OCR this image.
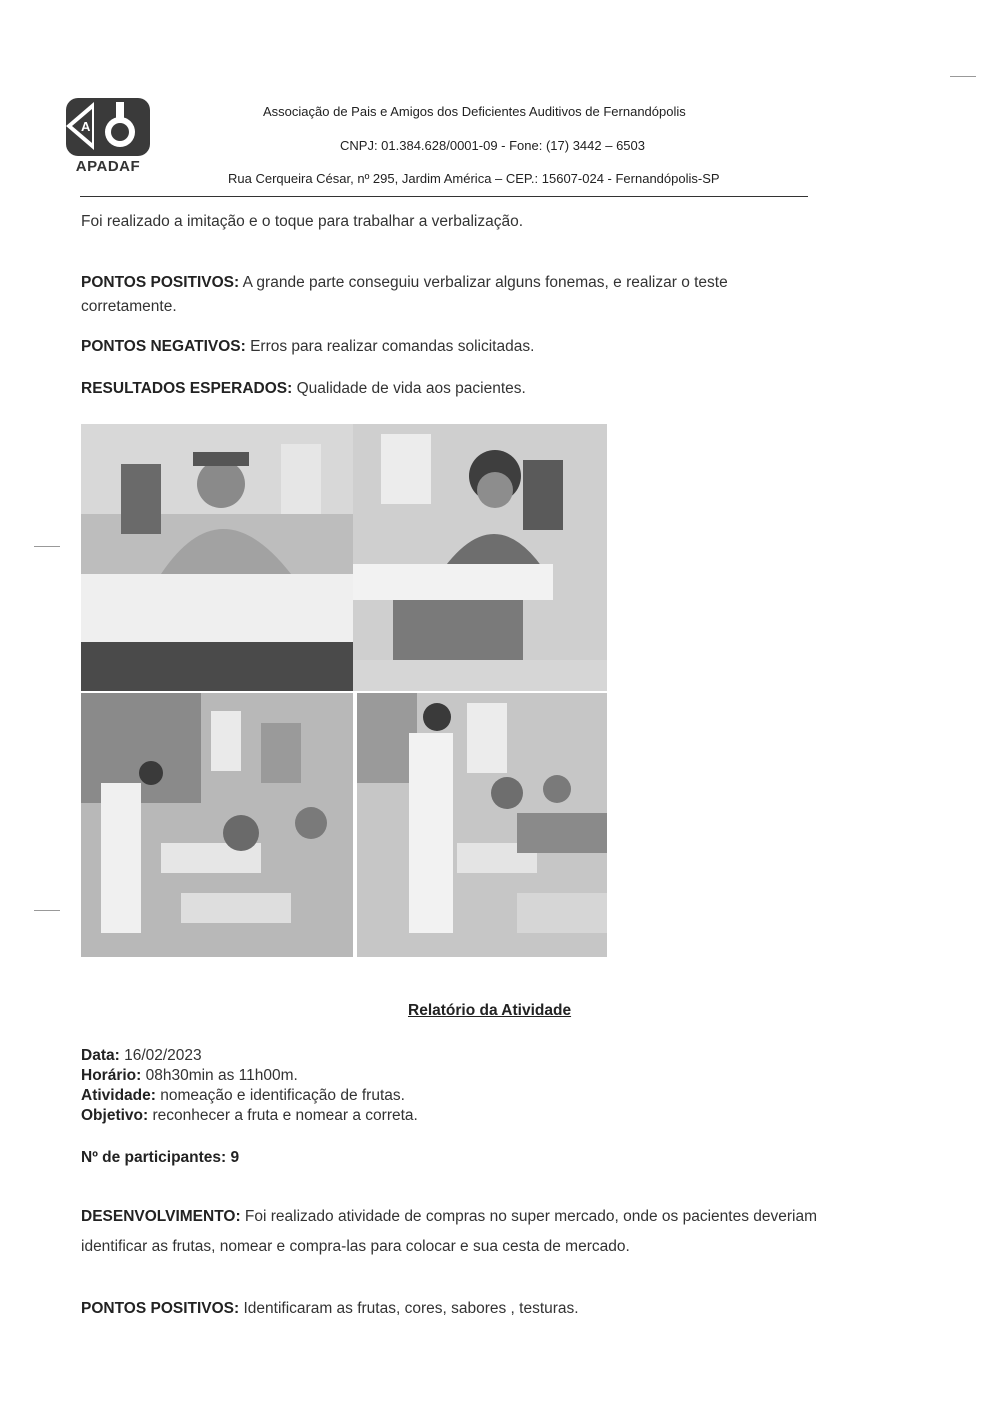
A
APADAF
Associação de Pais e Amigos dos Deficientes Auditivos de Fernandópolis
CNPJ: 01.384.628/0001-09 - Fone: (17) 3442 – 6503
Rua Cerqueira César, nº 295, Jardim América – CEP.: 15607-024 - Fernandópolis-SP
Foi realizado a imitação e o toque para trabalhar a verbalização.
PONTOS POSITIVOS: A grande parte conseguiu verbalizar alguns fonemas, e realizar o teste
corretamente.
PONTOS NEGATIVOS: Erros para realizar comandas solicitadas.
RESULTADOS ESPERADOS: Qualidade de vida aos pacientes.
Relatório da Atividade
Data: 16/02/2023
Horário: 08h30min as 11h00m.
Atividade: nomeação e identificação de frutas.
Objetivo: reconhecer a fruta e nomear a correta.
Nº de participantes: 9
DESENVOLVIMENTO: Foi realizado atividade de compras no super mercado, onde os pacientes deveriam
identificar as frutas, nomear e compra-las para colocar e sua cesta de mercado.
PONTOS POSITIVOS: Identificaram as frutas, cores, sabores , testuras.
